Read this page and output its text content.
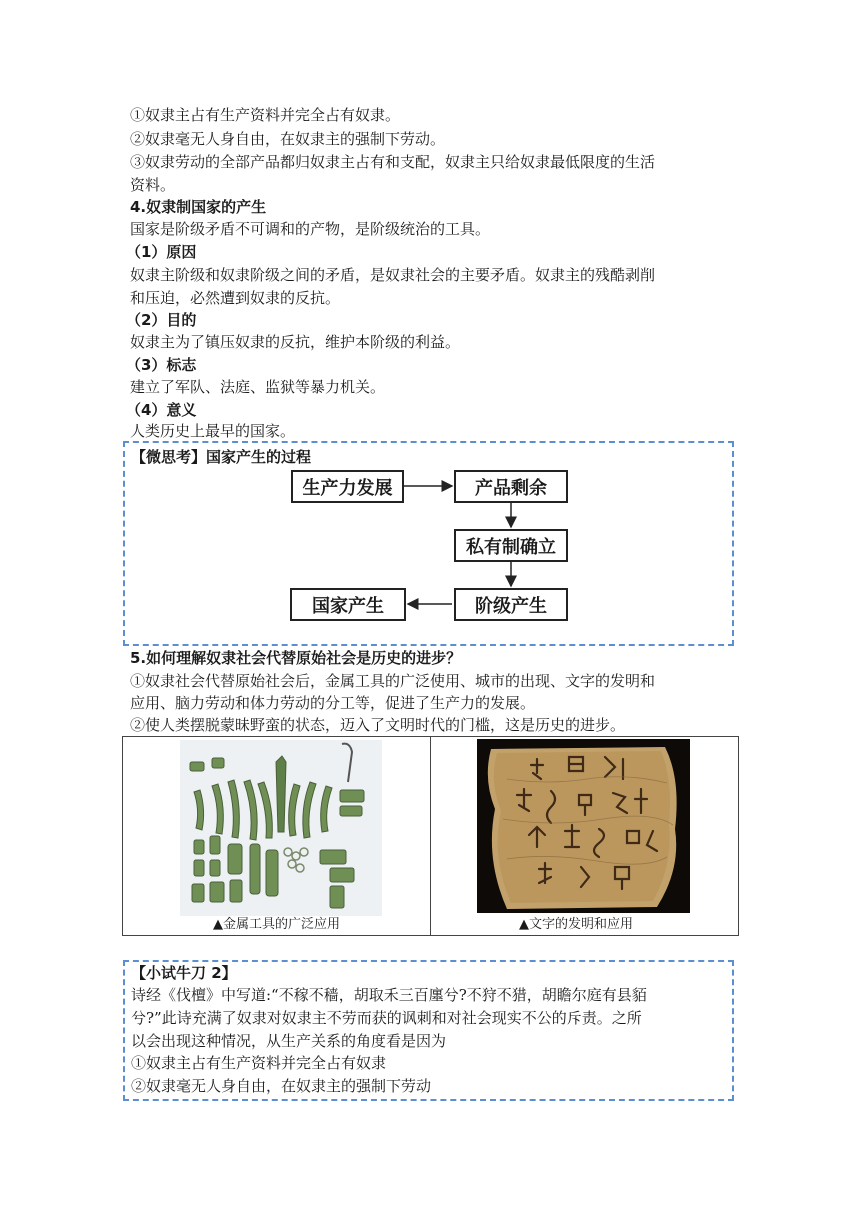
①奴隶主占有生产资料并完全占有奴隶。
②奴隶毫无人身自由，在奴隶主的强制下劳动。
③奴隶劳动的全部产品都归奴隶主占有和支配，奴隶主只给奴隶最低限度的生活
资料。
4.奴隶制国家的产生
国家是阶级矛盾不可调和的产物，是阶级统治的工具。
（1）原因
奴隶主阶级和奴隶阶级之间的矛盾，是奴隶社会的主要矛盾。奴隶主的残酷剥削
和压迫，必然遭到奴隶的反抗。
（2）目的
奴隶主为了镇压奴隶的反抗，维护本阶级的利益。
（3）标志
建立了军队、法庭、监狱等暴力机关。
（4）意义
人类历史上最早的国家。
【微思考】国家产生的过程
生产力发展	产品剩余
私有制确立
阶级产生
国家产生
5.如何理解奴隶社会代替原始社会是历史的进步？
①奴隶社会代替原始社会后，金属工具的广泛使用、城市的出现、文字的发明和
应用、脑力劳动和体力劳动的分工等，促进了生产力的发展。
②使人类摆脱蒙昧野蛮的状态，迈入了文明时代的门槛，这是历史的进步。
▲金属工具的广泛应用	▲文字的发明和应用
【小试牛刀 2】
诗经《伐檀》中写道:“不稼不穑，胡取禾三百廛兮?不狩不猎，胡瞻尔庭有县貊
兮?”此诗充满了奴隶对奴隶主不劳而获的讽刺和对社会现实不公的斥责。之所
以会出现这种情况，从生产关系的角度看是因为
①奴隶主占有生产资料并完全占有奴隶
②奴隶毫无人身自由，在奴隶主的强制下劳动
